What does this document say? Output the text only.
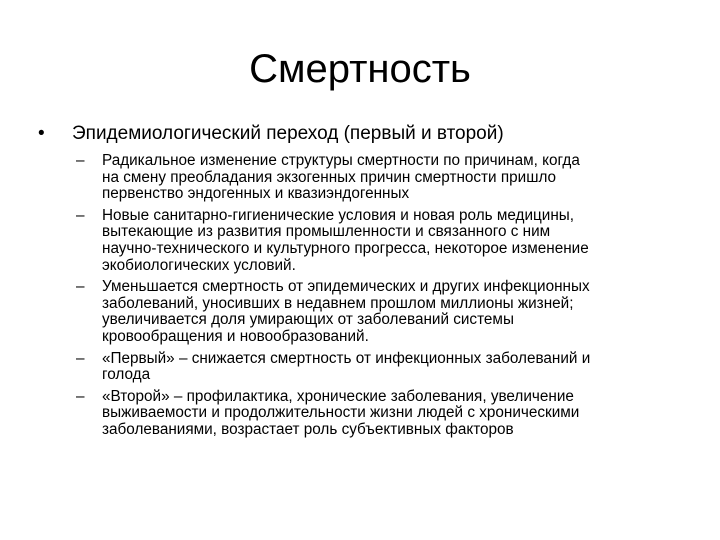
Смертность
• Эпидемиологический переход (первый и второй)
– Радикальное изменение структуры смертности по причинам, когда
на смену преобладания экзогенных причин смертности пришло
первенство эндогенных и квазиэндогенных
– Новые санитарно-гигиенические условия и новая роль медицины,
вытекающие из развития промышленности и связанного с ним
научно-технического и культурного прогресса, некоторое изменение
экобиологических условий.
– Уменьшается смертность от эпидемических и других инфекционных
заболеваний, уносивших в недавнем прошлом миллионы жизней;
увеличивается доля умирающих от заболеваний системы
кровообращения и новообразований.
– «Первый» – снижается смертность от инфекционных заболеваний и
голода
– «Второй» – профилактика, хронические заболевания, увеличение
выживаемости и продолжительности жизни людей с хроническими
заболеваниями, возрастает роль субъективных факторов
